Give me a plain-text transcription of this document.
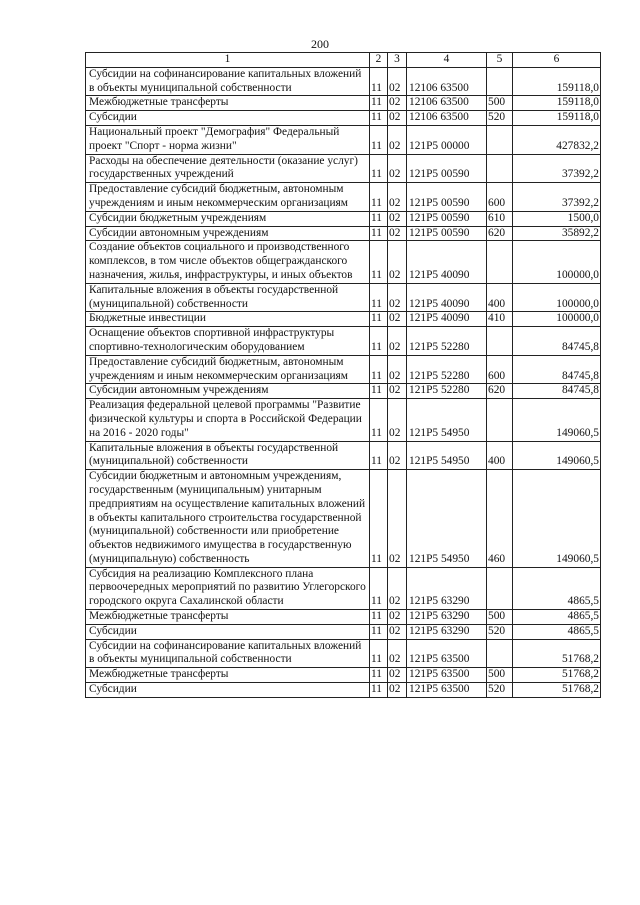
200
1	2	3	4	5	6
Субсидии на софинансирование капитальных вложений в объекты муниципальной собственности	11	02	12106 63500		159118,0
Межбюджетные трансферты	11	02	12106 63500	500	159118,0
Субсидии	11	02	12106 63500	520	159118,0
Национальный проект "Демография" Федеральный проект "Спорт - норма жизни"	11	02	121P5 00000		427832,2
Расходы на обеспечение деятельности (оказание услуг) государственных учреждений	11	02	121P5 00590		37392,2
Предоставление субсидий бюджетным, автономным учреждениям и иным некоммерческим организациям	11	02	121P5 00590	600	37392,2
Субсидии бюджетным учреждениям	11	02	121P5 00590	610	1500,0
Субсидии автономным учреждениям	11	02	121P5 00590	620	35892,2
Создание объектов социального и производственного комплексов, в том числе объектов общегражданского назначения, жилья, инфраструктуры, и иных объектов	11	02	121P5 40090		100000,0
Капитальные вложения в объекты государственной (муниципальной) собственности	11	02	121P5 40090	400	100000,0
Бюджетные инвестиции	11	02	121P5 40090	410	100000,0
Оснащение объектов спортивной инфраструктуры спортивно-технологическим оборудованием	11	02	121P5 52280		84745,8
Предоставление субсидий бюджетным, автономным учреждениям и иным некоммерческим организациям	11	02	121P5 52280	600	84745,8
Субсидии автономным учреждениям	11	02	121P5 52280	620	84745,8
Реализация федеральной целевой программы "Развитие физической культуры и спорта в Российской Федерации на 2016 - 2020 годы"	11	02	121P5 54950		149060,5
Капитальные вложения в объекты государственной (муниципальной) собственности	11	02	121P5 54950	400	149060,5
Субсидии бюджетным и автономным учреждениям, государственным (муниципальным) унитарным предприятиям на осуществление капитальных вложений в объекты капитального строительства государственной (муниципальной) собственности или приобретение объектов недвижимого имущества в государственную (муниципальную) собственность	11	02	121P5 54950	460	149060,5
Субсидия на реализацию Комплексного плана первоочередных мероприятий по развитию Углегорского городского округа Сахалинской области	11	02	121P5 63290		4865,5
Межбюджетные трансферты	11	02	121P5 63290	500	4865,5
Субсидии	11	02	121P5 63290	520	4865,5
Субсидии на софинансирование капитальных вложений в объекты муниципальной собственности	11	02	121P5 63500		51768,2
Межбюджетные трансферты	11	02	121P5 63500	500	51768,2
Субсидии	11	02	121P5 63500	520	51768,2
